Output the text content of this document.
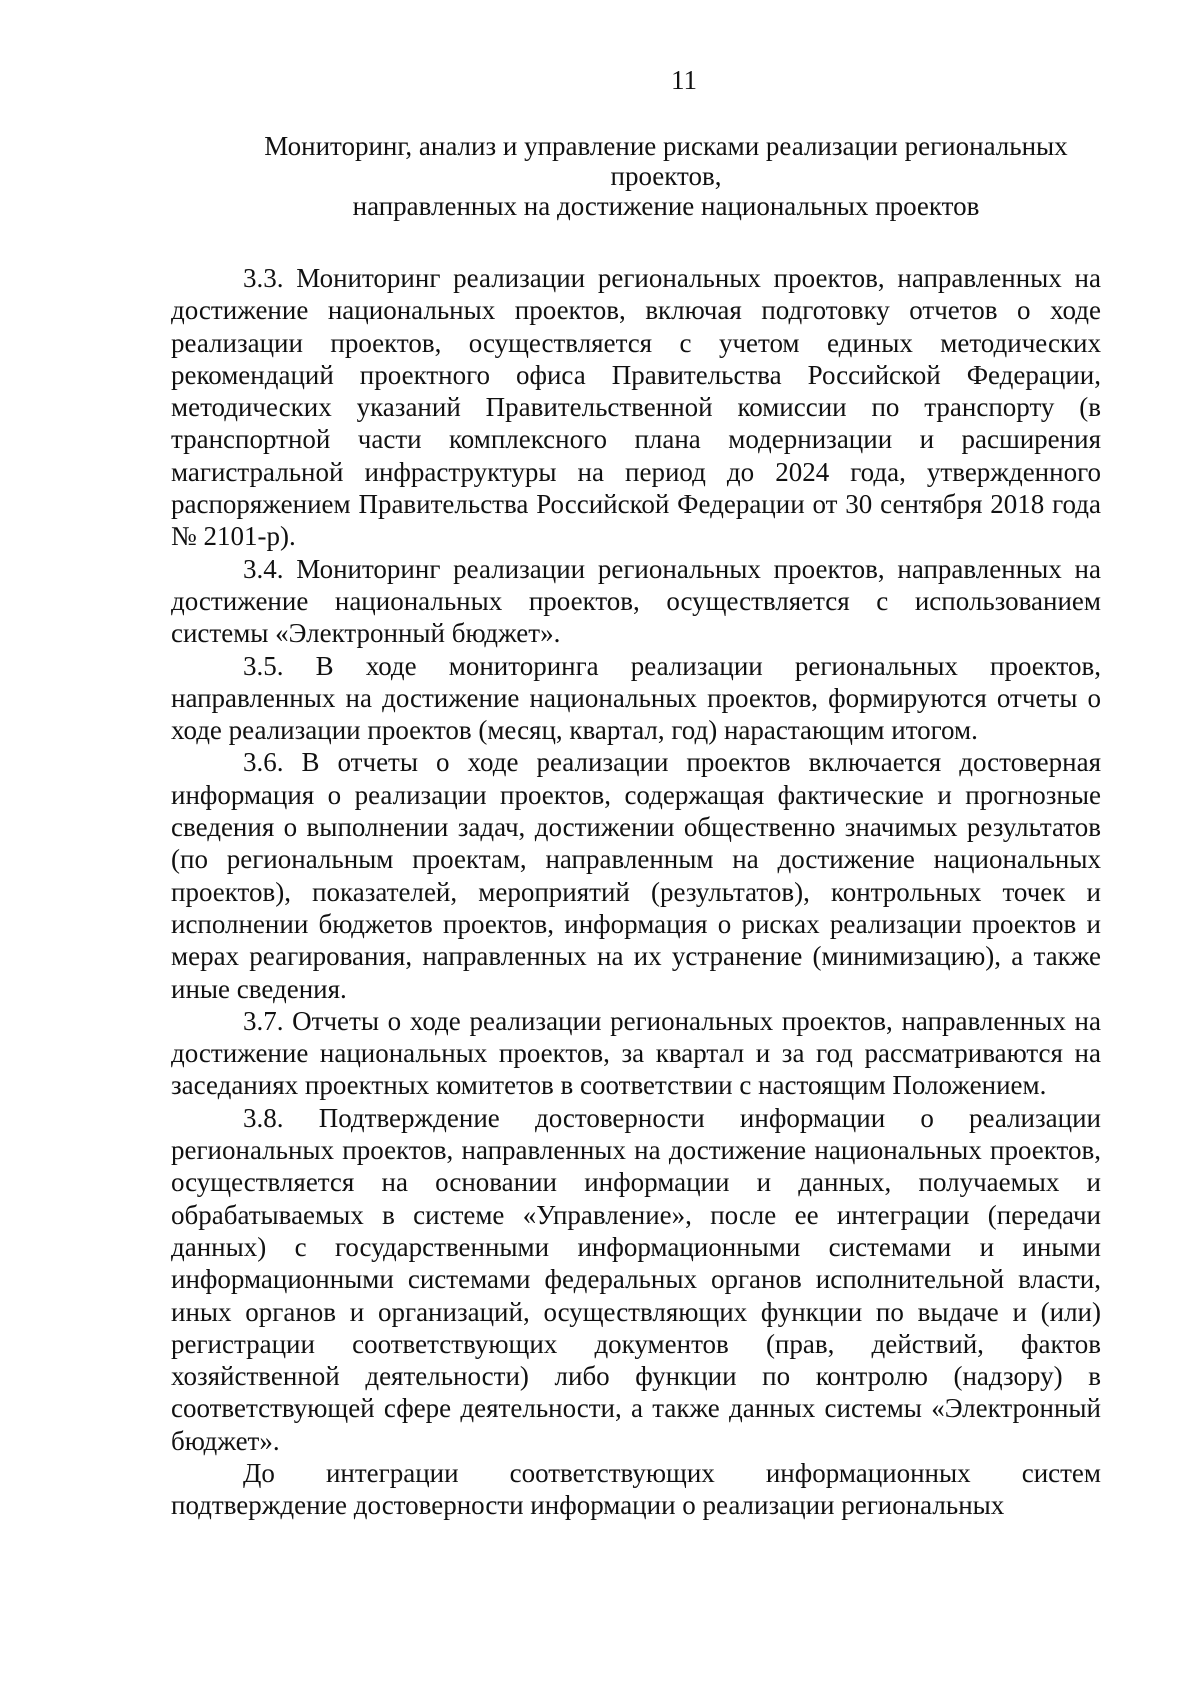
11
Мониторинг, анализ и управление рисками реализации региональных
проектов,
направленных на достижение национальных проектов

3.3. Мониторинг реализации региональных проектов, направленных на достижение национальных проектов, включая подготовку отчетов о ходе реализации проектов, осуществляется с учетом единых методических рекомендаций проектного офиса Правительства Российской Федерации, методических указаний Правительственной комиссии по транспорту (в транспортной части комплексного плана модернизации и расширения магистральной инфраструктуры на период до 2024 года, утвержденного распоряжением Правительства Российской Федерации от 30 сентября 2018 года № 2101-р).

3.4. Мониторинг реализации региональных проектов, направленных на достижение национальных проектов, осуществляется с использованием системы «Электронный бюджет».

3.5. В ходе мониторинга реализации региональных проектов, направленных на достижение национальных проектов, формируются отчеты о ходе реализации проектов (месяц, квартал, год) нарастающим итогом.

3.6. В отчеты о ходе реализации проектов включается достоверная информация о реализации проектов, содержащая фактические и прогнозные сведения о выполнении задач, достижении общественно значимых результатов (по региональным проектам, направленным на достижение национальных проектов), показателей, мероприятий (результатов), контрольных точек и исполнении бюджетов проектов, информация о рисках реализации проектов и мерах реагирования, направленных на их устранение (минимизацию), а также иные сведения.

3.7. Отчеты о ходе реализации региональных проектов, направленных на достижение национальных проектов, за квартал и за год рассматриваются на заседаниях проектных комитетов в соответствии с настоящим Положением.

3.8. Подтверждение достоверности информации о реализации региональных проектов, направленных на достижение национальных проектов, осуществляется на основании информации и данных, получаемых и обрабатываемых в системе «Управление», после ее интеграции (передачи данных) с государственными информационными системами и иными информационными системами федеральных органов исполнительной власти, иных органов и организаций, осуществляющих функции по выдаче и (или) регистрации соответствующих документов (прав, действий, фактов хозяйственной деятельности) либо функции по контролю (надзору) в соответствующей сфере деятельности, а также данных системы «Электронный бюджет».

До интеграции соответствующих информационных систем подтверждение достоверности информации о реализации региональных
